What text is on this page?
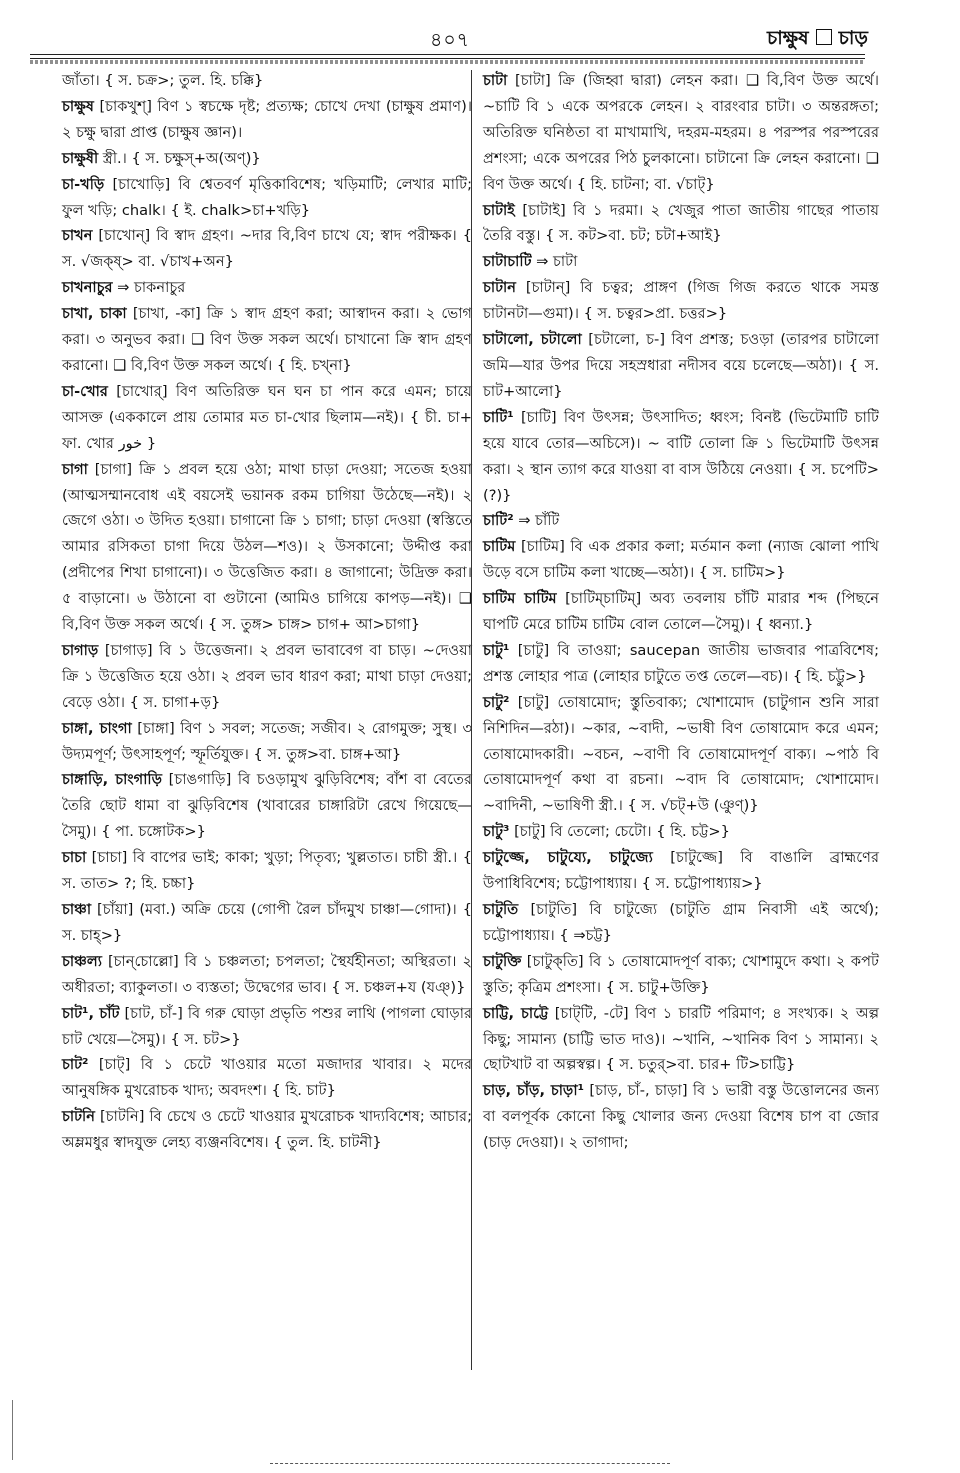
৪০৭	চাক্ষুষ চাড়

জাঁতা। { স. চক্র>; তুল. হি. চক্কি}

চাক্ষুষ [চাকখুশ্] বিণ ১ স্বচক্ষে দৃষ্ট; প্রত্যক্ষ; চোখে দেখা (চাক্ষুষ প্রমাণ)। ২ চক্ষু দ্বারা প্রাপ্ত (চাক্ষুষ জ্ঞান)।

চাক্ষুষী স্ত্রী.। { স. চক্ষুস্+অ(অণ্)}

চা-খড়ি [চাখোড়ি] বি শ্বেতবর্ণ মৃত্তিকাবিশেষ; খড়িমাটি; লেখার মাটি; ফুল খড়ি; chalk। { ই. chalk>চা+খড়ি}

চাখন [চাখোন্] বি স্বাদ গ্রহণ। ~দার বি,বিণ চাখে যে; স্বাদ পরীক্ষক। { স. √জক্ষ্> বা. √চাখ+অন}

চাখনাচুর ⇒ চাকনাচুর

চাখা, চাকা [চাখা, -কা] ক্রি ১ স্বাদ গ্রহণ করা; আস্বাদন করা। ২ ভোগ করা। ৩ অনুভব করা। ❑ বিণ উক্ত সকল অর্থে। চাখানো ক্রি স্বাদ গ্রহণ করানো। ❑ বি,বিণ উক্ত সকল অর্থে। { হি. চখ্না}

চা-খোর [চাখোর্] বিণ অতিরিক্ত ঘন ঘন চা পান করে এমন; চায়ে আসক্ত (এককালে প্রায় তোমার মত চা-খোর ছিলাম—নই)। { চী. চা+ ফা. খোর خور }

চাগা [চাগা] ক্রি ১ প্রবল হয়ে ওঠা; মাথা চাড়া দেওয়া; সতেজ হওয়া (আত্মসম্মানবোধ এই বয়সেই ভয়ানক রকম চাগিয়া উঠেছে—নই)। ২ জেগে ওঠা। ৩ উদিত হওয়া। চাগানো ক্রি ১ চাগা; চাড়া দেওয়া (স্বস্তিতে আমার রসিকতা চাগা দিয়ে উঠল—শও)। ২ উসকানো; উদ্দীপ্ত করা (প্রদীপের শিখা চাগানো)। ৩ উত্তেজিত করা। ৪ জাগানো; উদ্রিক্ত করা। ৫ বাড়ানো। ৬ উঠানো বা গুটানো (আমিও চাগিয়ে কাপড়—নই)। ❑ বি,বিণ উক্ত সকল অর্থে। { স. তুঙ্গ> চাঙ্গ> চাগ+ আ>চাগা}

চাগাড় [চাগাড়] বি ১ উত্তেজনা। ২ প্রবল ভাবাবেগ বা চাড়। ~দেওয়া ক্রি ১ উত্তেজিত হয়ে ওঠা। ২ প্রবল ভাব ধারণ করা; মাথা চাড়া দেওয়া; বেড়ে ওঠা। { স. চাগা+ড়}

চাঙ্গা, চাংগা [চাঙ্গা] বিণ ১ সবল; সতেজ; সজীব। ২ রোগমুক্ত; সুস্থ। ৩ উদ্যমপূর্ণ; উৎসাহপূর্ণ; স্ফূর্তিযুক্ত। { স. তুঙ্গ>বা. চাঙ্গ+আ}

চাঙ্গাড়ি, চাংগাড়ি [চাঙগাড়ি] বি চওড়ামুখ ঝুড়িবিশেষ; বাঁশ বা বেতের তৈরি ছোট ধামা বা ঝুড়িবিশেষ (খাবারের চাঙ্গারিটা রেখে গিয়েছে—সৈমু)। { পা. চঙ্গোটক>}

চাচা [চাচা] বি বাপের ভাই; কাকা; খুড়া; পিতৃব্য; খুল্লতাত। চাচী স্ত্রী.। { স. তাত> ?; হি. চচ্চা}

চাঞ্চা [চাঁয়া] (মবা.) অক্রি চেয়ে (গোপী রৈল চাঁদমুখ চাঞ্চা—গোদা)। { স. চাহ্>}

চাঞ্চল্য [চান্‌চোল্লো] বি ১ চঞ্চলতা; চপলতা; স্থৈর্যহীনতা; অস্থিরতা। ২ অধীরতা; ব্যাকুলতা। ৩ ব্যস্ততা; উদ্বেগের ভাব। { স. চঞ্চল+য (যঞ্)}

চাট¹, চাঁট [চাট, চাঁ-] বি গরু ঘোড়া প্রভৃতি পশুর লাথি (পাগলা ঘোড়ার চাট খেয়ে—সৈমু)। { স. চট>}

চাট² [চাট্] বি ১ চেটে খাওয়ার মতো মজাদার খাবার। ২ মদের আনুষঙ্গিক মুখরোচক খাদ্য; অবদংশ। { হি. চাট}

চাটনি [চাটনি] বি চেখে ও চেটে খাওয়ার মুখরোচক খাদ্যবিশেষ; আচার; অম্লমধুর স্বাদযুক্ত লেহ্য ব্যঞ্জনবিশেষ। { তুল. হি. চাটনী}

চাটা [চাটা] ক্রি (জিহ্বা দ্বারা) লেহন করা। ❑ বি,বিণ উক্ত অর্থে। ~চাটি বি ১ একে অপরকে লেহন। ২ বারংবার চাটা। ৩ অন্তরঙ্গতা; অতিরিক্ত ঘনিষ্ঠতা বা মাখামাখি, দহরম-মহরম। ৪ পরস্পর পরস্পরের প্রশংসা; একে অপরের পিঠ চুলকানো। চাটানো ক্রি লেহন করানো। ❑ বিণ উক্ত অর্থে। { হি. চাটনা; বা. √চাট্}

চাটাই [চাটাই] বি ১ দরমা। ২ খেজুর পাতা জাতীয় গাছের পাতায় তৈরি বস্তু। { স. কট>বা. চট; চটা+আই}

চাটাচাটি ⇒ চাটা

চাটান [চাটান্] বি চত্বর; প্রাঙ্গণ (গিজ গিজ করতে থাকে সমস্ত চাটানটা—গুমা)। { স. চত্বর>প্রা. চত্তর>}

চাটালো, চটালো [চটালো, চ-] বিণ প্রশস্ত; চওড়া (তারপর চাটালো জমি—যার উপর দিয়ে সহস্রধারা নদীসব বয়ে চলেছে—অঠা)। { স. চাট+আলো}

চাটি¹ [চাটি] বিণ উৎসন্ন; উৎসাদিত; ধ্বংস; বিনষ্ট (ভিটেমাটি চাটি হয়ে যাবে তোর—অচিসে)। ~ বাটি তোলা ক্রি ১ ভিটেমাটি উৎসন্ন করা। ২ স্থান ত্যাগ করে যাওয়া বা বাস উঠিয়ে নেওয়া। { স. চপেটি>(?)}

চাটি² ⇒ চাঁটি

চাটিম [চাটিম] বি এক প্রকার কলা; মর্তমান কলা (ন্যাজ ঝোলা পাখি উড়ে বসে চাটিম কলা খাচ্ছে—অঠা)। { স. চাটিম>}

চাটিম চাটিম [চাটিম্‌চাটিম্] অব্য তবলায় চাঁটি মারার শব্দ (পিছনে ঘাপটি মেরে চাটিম চাটিম বোল তোলে—সৈমু)। { ধ্বন্যা.}

চাটু¹ [চাটু] বি তাওয়া; saucepan জাতীয় ভাজবার পাত্রবিশেষ; প্রশস্ত লোহার পাত্র (লোহার চাটুতে তপ্ত তেলে—বচ)। { হি. চট্টু>}

চাটু² [চাটু] তোষামোদ; স্তুতিবাক্য; খোশামোদ (চাটুগান শুনি সারা নিশিদিন—রঠা)। ~কার, ~বাদী, ~ভাষী বিণ তোষামোদ করে এমন; তোষামোদকারী। ~বচন, ~বাণী বি তোষামোদপূর্ণ বাক্য। ~পাঠ বি তোষামোদপূর্ণ কথা বা রচনা। ~বাদ বি তোষামোদ; খোশামোদ। ~বাদিনী, ~ভাষিণী স্ত্রী.। { স. √চট্+উ (ঞুণ্)}

চাটু³ [চাটু] বি তেলো; চেটো। { হি. চট্ট>}

চাটুজ্জে, চাটুয্যে, চাটুজ্যে [চাটুজ্জে] বি বাঙালি ব্রাহ্মণের উপাধিবিশেষ; চট্টোপাধ্যায়। { স. চট্টোপাধ্যায়>}

চাটুতি [চাটুতি] বি চাটুজ্যে (চাটুতি গ্রাম নিবাসী এই অর্থে); চট্টোপাধ্যায়। { ⇒চট্ট}

চাটুক্তি [চাটুক্‌তি] বি ১ তোষামোদপূর্ণ বাক্য; খোশামুদে কথা। ২ কপট স্তুতি; কৃত্রিম প্রশংসা। { স. চাটু+উক্তি}

চাট্টি, চাট্টে [চাট্‌টি, -টে] বিণ ১ চারটি পরিমাণ; ৪ সংখ্যক। ২ অল্প কিছু; সামান্য (চাট্টি ভাত দাও)। ~খানি, ~খানিক বিণ ১ সামান্য। ২ ছোটখাট বা অল্পস্বল্প। { স. চতুর্>বা. চার+ টি>চাট্টি}

চাড়, চাঁড়, চাড়া¹ [চাড়, চাঁ-, চাড়া] বি ১ ভারী বস্তু উত্তোলনের জন্য বা বলপূর্বক কোনো কিছু খোলার জন্য দেওয়া বিশেষ চাপ বা জোর (চাড় দেওয়া)। ২ তাগাদা;
